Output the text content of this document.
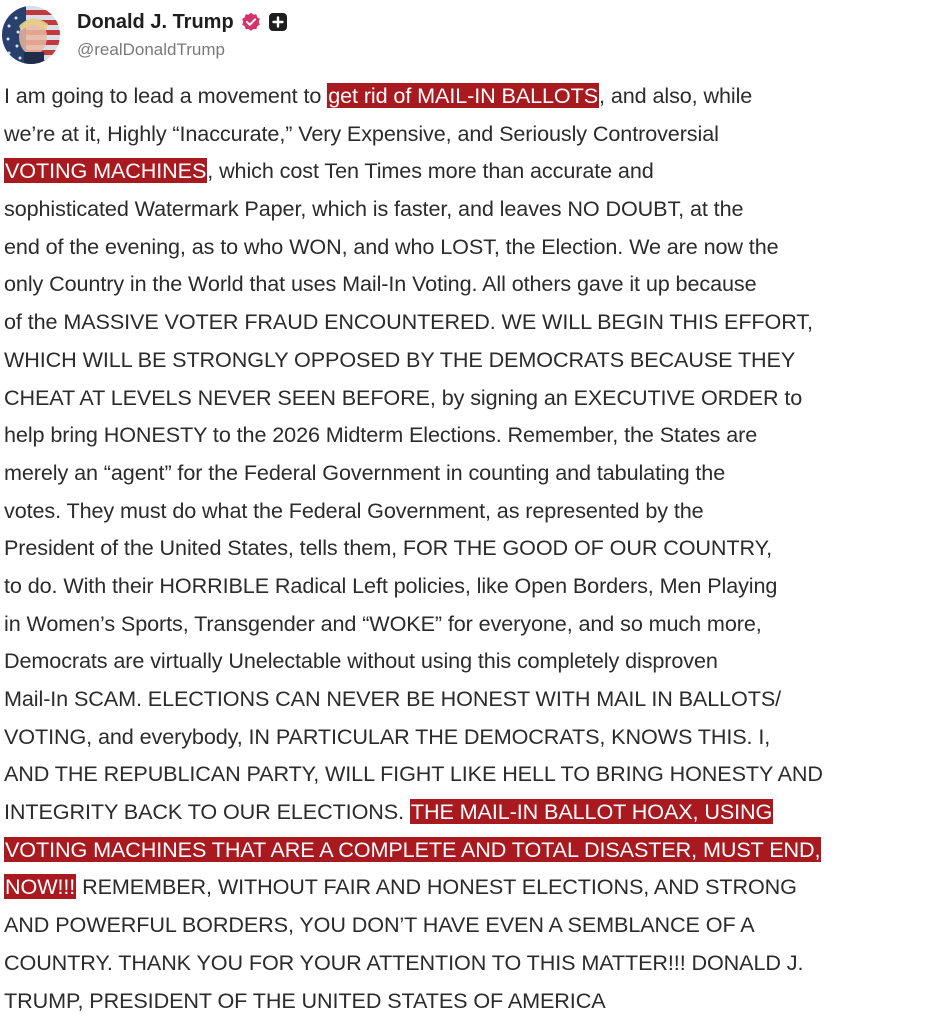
Donald J. Trump
@realDonaldTrump
I am going to lead a movement to get rid of MAIL-IN BALLOTS, and also, while
we’re at it, Highly “Inaccurate,” Very Expensive, and Seriously Controversial
VOTING MACHINES, which cost Ten Times more than accurate and
sophisticated Watermark Paper, which is faster, and leaves NO DOUBT, at the
end of the evening, as to who WON, and who LOST, the Election. We are now the
only Country in the World that uses Mail-In Voting. All others gave it up because
of the MASSIVE VOTER FRAUD ENCOUNTERED. WE WILL BEGIN THIS EFFORT,
WHICH WILL BE STRONGLY OPPOSED BY THE DEMOCRATS BECAUSE THEY
CHEAT AT LEVELS NEVER SEEN BEFORE, by signing an EXECUTIVE ORDER to
help bring HONESTY to the 2026 Midterm Elections. Remember, the States are
merely an “agent” for the Federal Government in counting and tabulating the
votes. They must do what the Federal Government, as represented by the
President of the United States, tells them, FOR THE GOOD OF OUR COUNTRY,
to do. With their HORRIBLE Radical Left policies, like Open Borders, Men Playing
in Women’s Sports, Transgender and “WOKE” for everyone, and so much more,
Democrats are virtually Unelectable without using this completely disproven
Mail-In SCAM. ELECTIONS CAN NEVER BE HONEST WITH MAIL IN BALLOTS/
VOTING, and everybody, IN PARTICULAR THE DEMOCRATS, KNOWS THIS. I,
AND THE REPUBLICAN PARTY, WILL FIGHT LIKE HELL TO BRING HONESTY AND
INTEGRITY BACK TO OUR ELECTIONS. THE MAIL-IN BALLOT HOAX, USING
VOTING MACHINES THAT ARE A COMPLETE AND TOTAL DISASTER, MUST END,
NOW!!! REMEMBER, WITHOUT FAIR AND HONEST ELECTIONS, AND STRONG
AND POWERFUL BORDERS, YOU DON’T HAVE EVEN A SEMBLANCE OF A
COUNTRY. THANK YOU FOR YOUR ATTENTION TO THIS MATTER!!! DONALD J.
TRUMP, PRESIDENT OF THE UNITED STATES OF AMERICA
